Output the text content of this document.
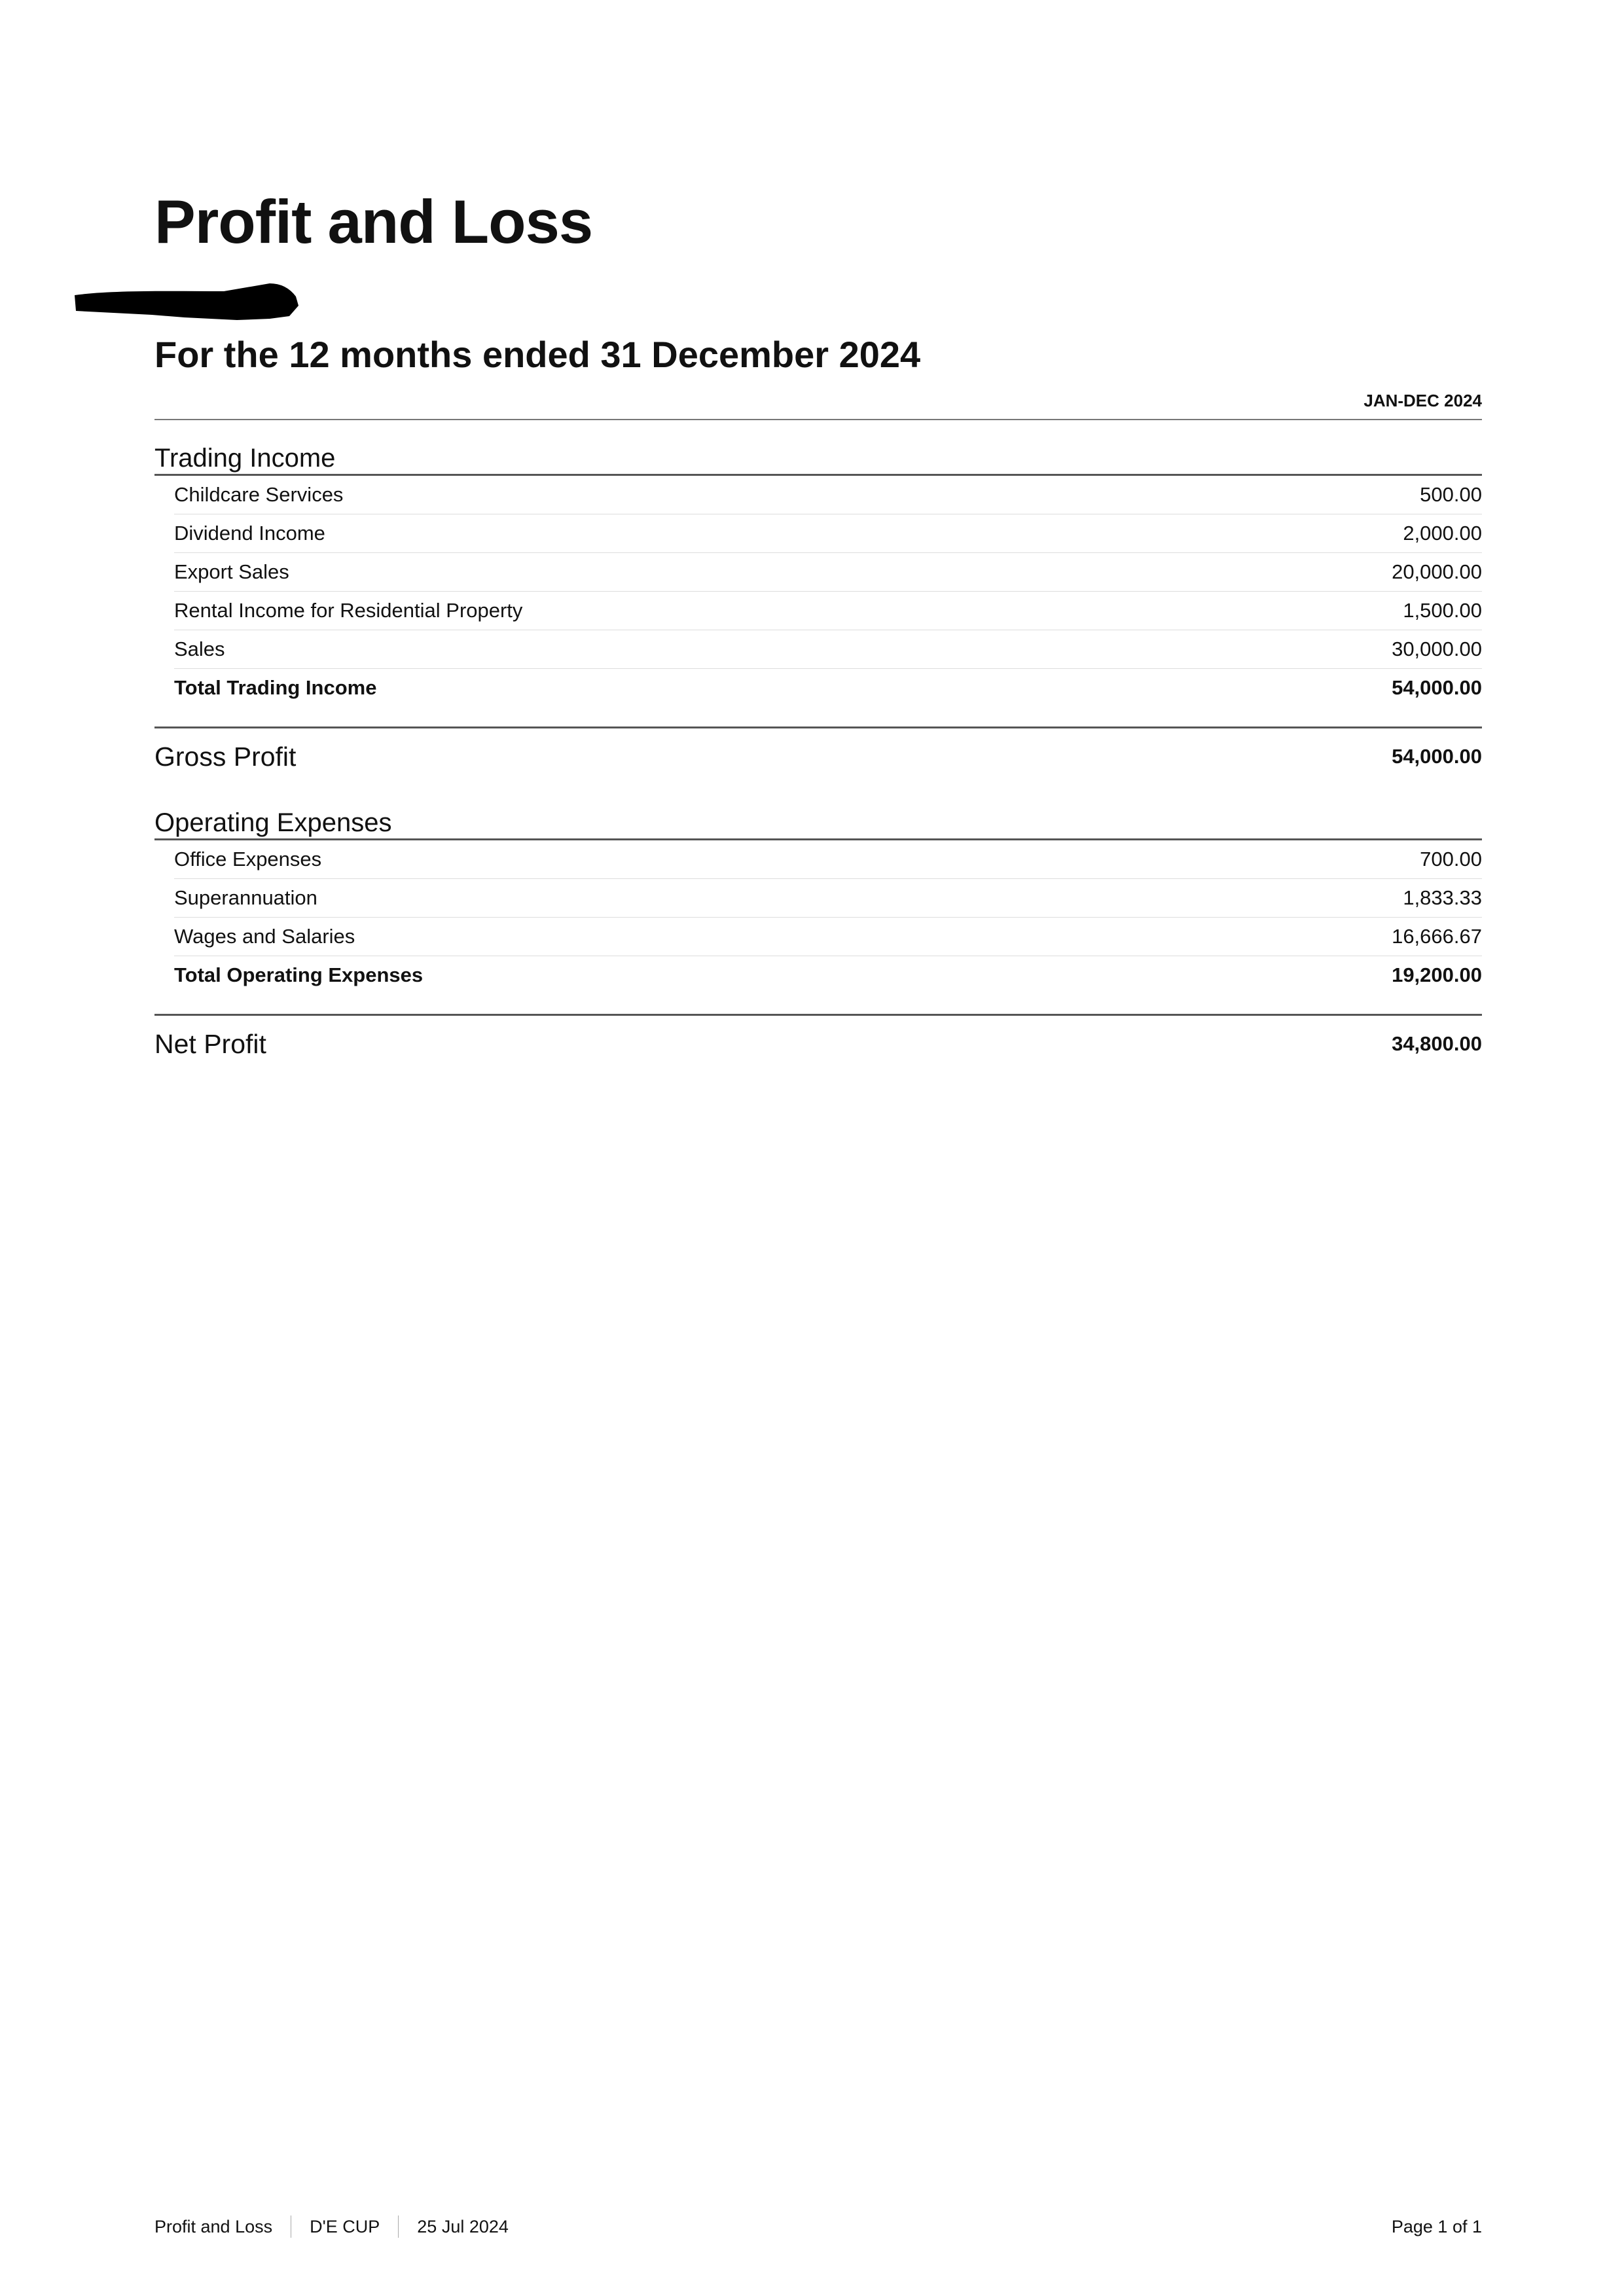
Profit and Loss
For the 12 months ended 31 December 2024
JAN-DEC 2024
Trading Income
Childcare Services	500.00
Dividend Income	2,000.00
Export Sales	20,000.00
Rental Income for Residential Property	1,500.00
Sales	30,000.00
Total Trading Income	54,000.00
Gross Profit	54,000.00
Operating Expenses
Office Expenses	700.00
Superannuation	1,833.33
Wages and Salaries	16,666.67
Total Operating Expenses	19,200.00
Net Profit	34,800.00
Profit and Loss D'E CUP 25 Jul 2024	Page 1 of 1
